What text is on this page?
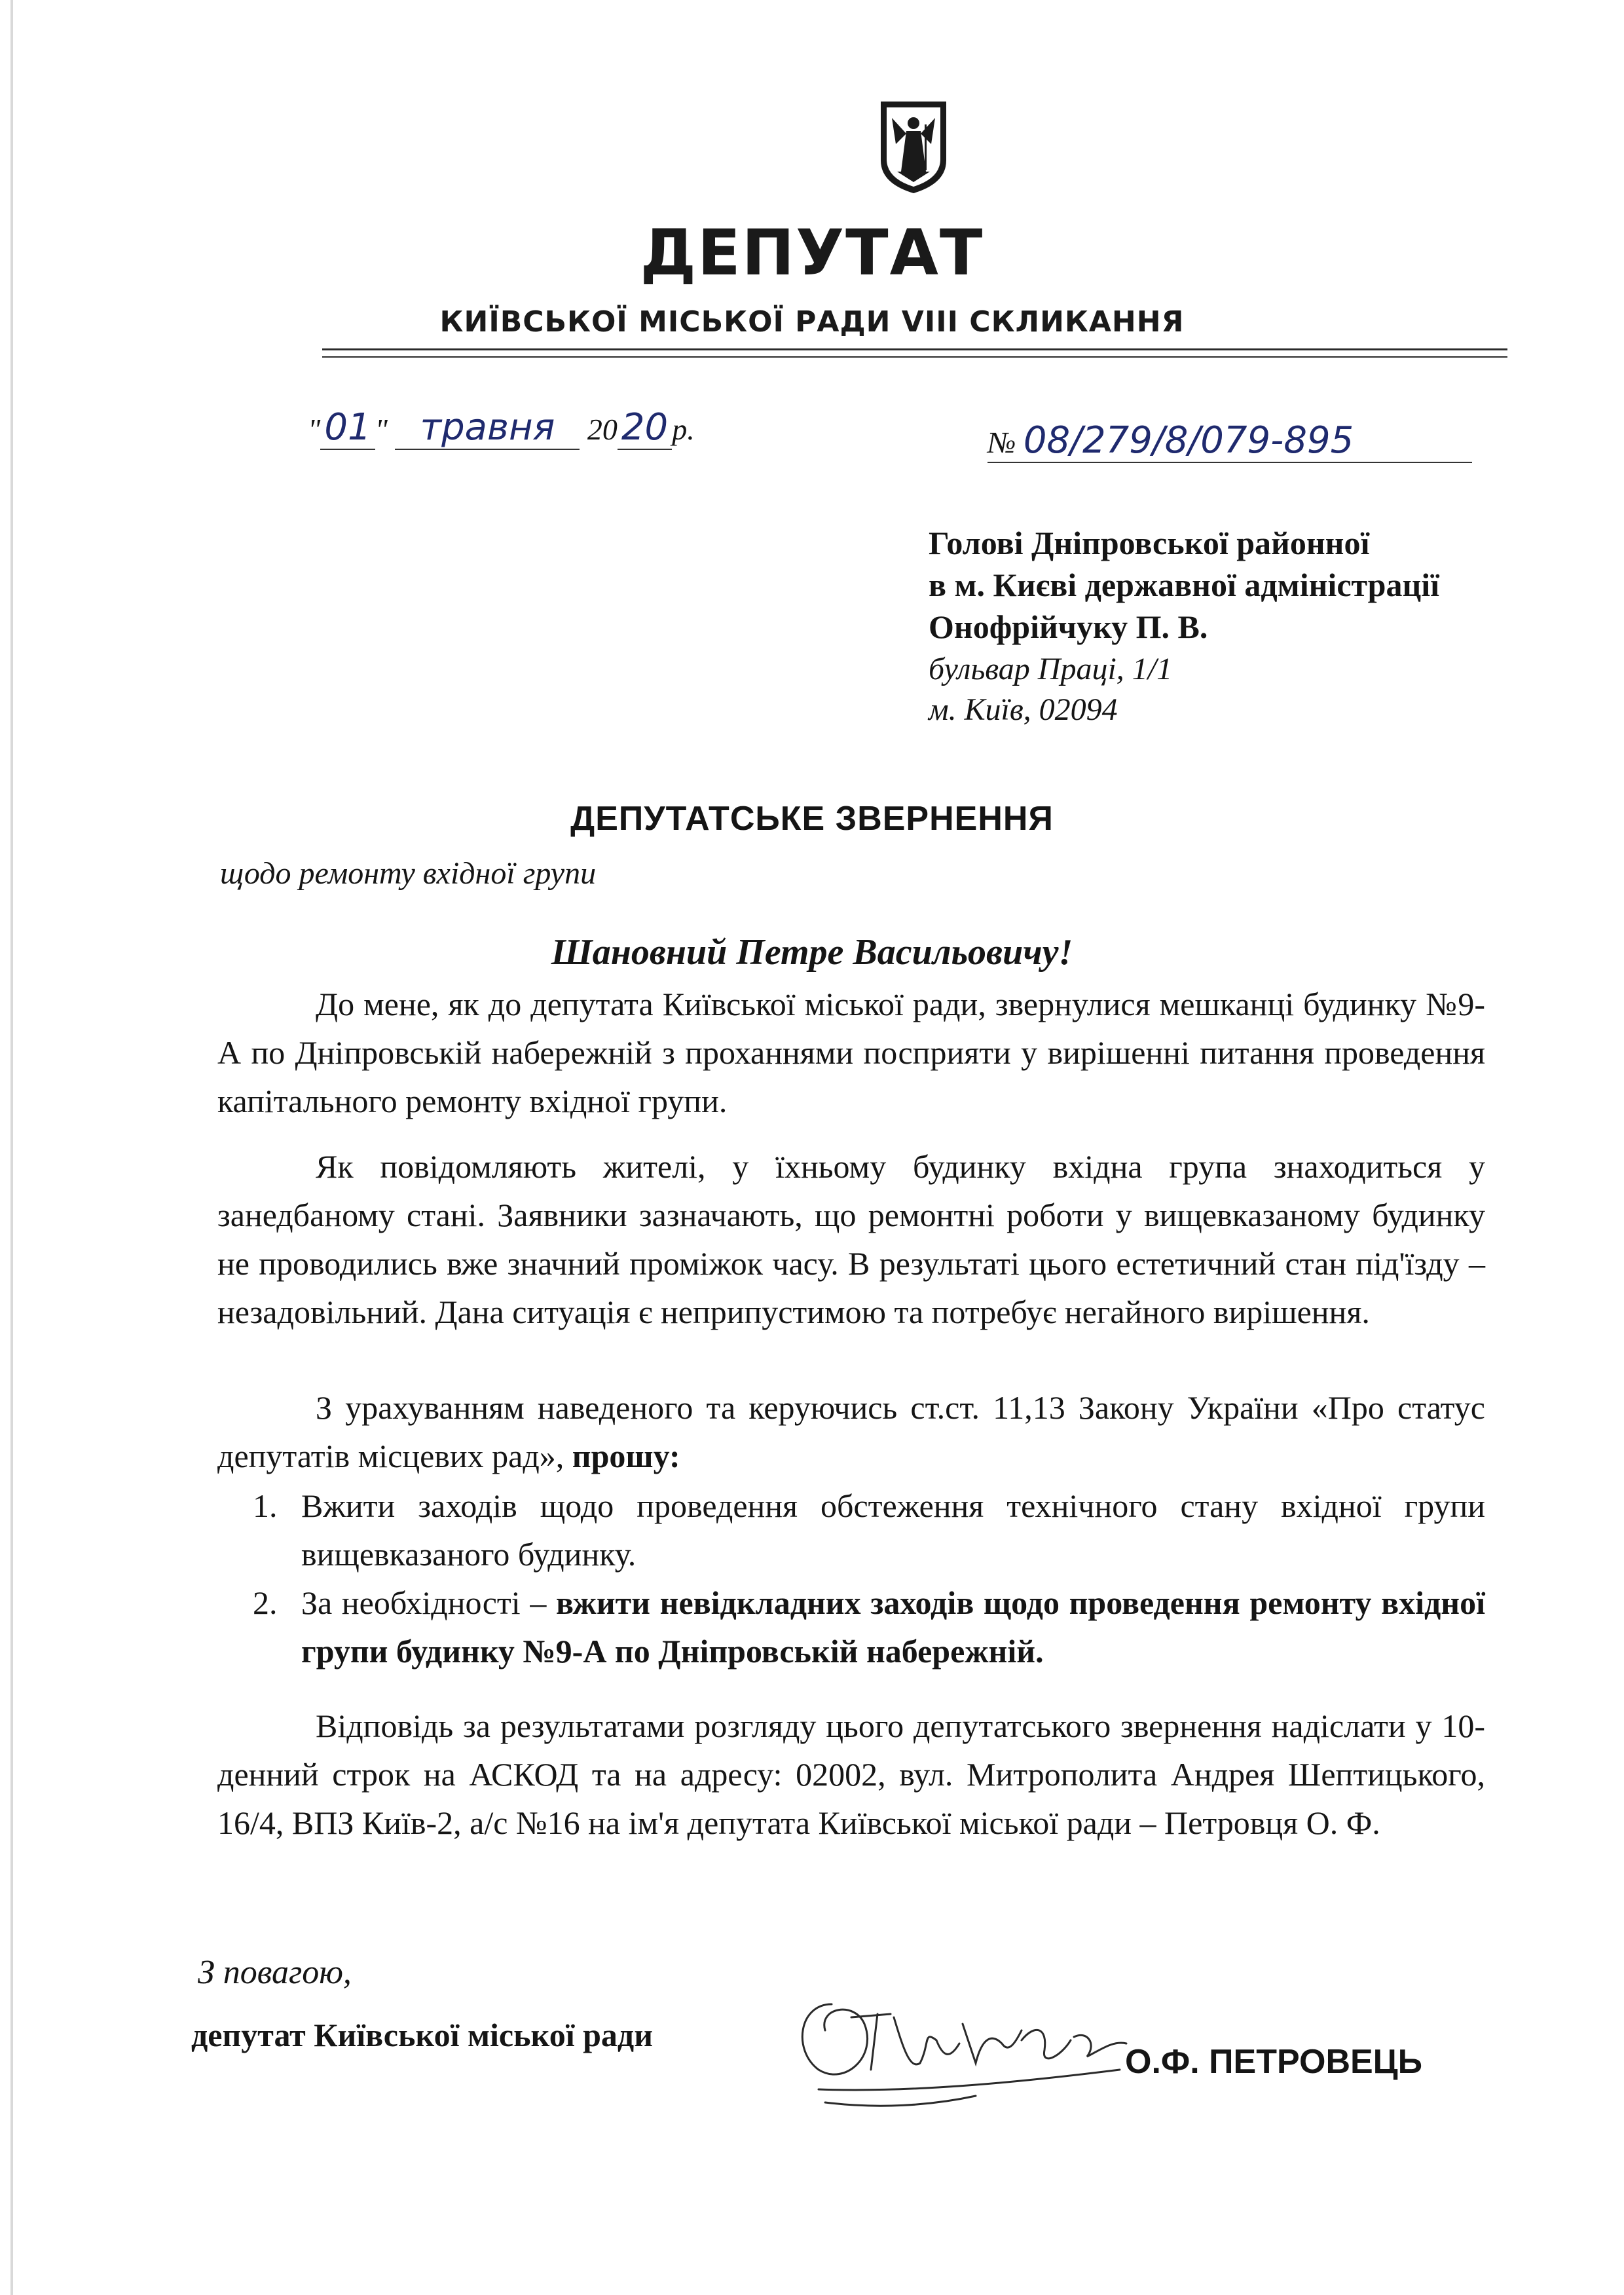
ДЕПУТАТ
КИЇВСЬКОЇ МІСЬКОЇ РАДИ VIII СКЛИКАННЯ
" 01 " травня 20 20 р.	№ 08/279/8/079-895
Голові Дніпровської районної
в м. Києві державної адміністрації
Онофрійчуку П. В.
бульвар Праці, 1/1
м. Київ, 02094
ДЕПУТАТСЬКЕ ЗВЕРНЕННЯ
щодо ремонту вхідної групи
Шановний Петре Васильовичу!

До мене, як до депутата Київської міської ради, звернулися мешканці будинку №9-А по Дніпровській набережній з проханнями посприяти у вирішенні питання проведення капітального ремонту вхідної групи.

Як повідомляють жителі, у їхньому будинку вхідна група знаходиться у занедбаному стані. Заявники зазначають, що ремонтні роботи у вищевказаному будинку не проводились вже значний проміжок часу. В результаті цього естетичний стан під'їзду – незадовільний. Дана ситуація є неприпустимою та потребує негайного вирішення.

З урахуванням наведеного та керуючись ст.ст. 11,13 Закону України «Про статус депутатів місцевих рад», прошу:

1. Вжити заходів щодо проведення обстеження технічного стану вхідної групи вищевказаного будинку.
2. За необхідності – вжити невідкладних заходів щодо проведення ремонту вхідної групи будинку №9-А по Дніпровській набережній.

Відповідь за результатами розгляду цього депутатського звернення надіслати у 10-денний строк на АСКОД та на адресу: 02002, вул. Митрополита Андрея Шептицького, 16/4, ВПЗ Київ-2, а/с №16 на ім'я депутата Київської міської ради – Петровця О. Ф.

З повагою,
депутат Київської міської ради
О.Ф. ПЕТРОВЕЦЬ
